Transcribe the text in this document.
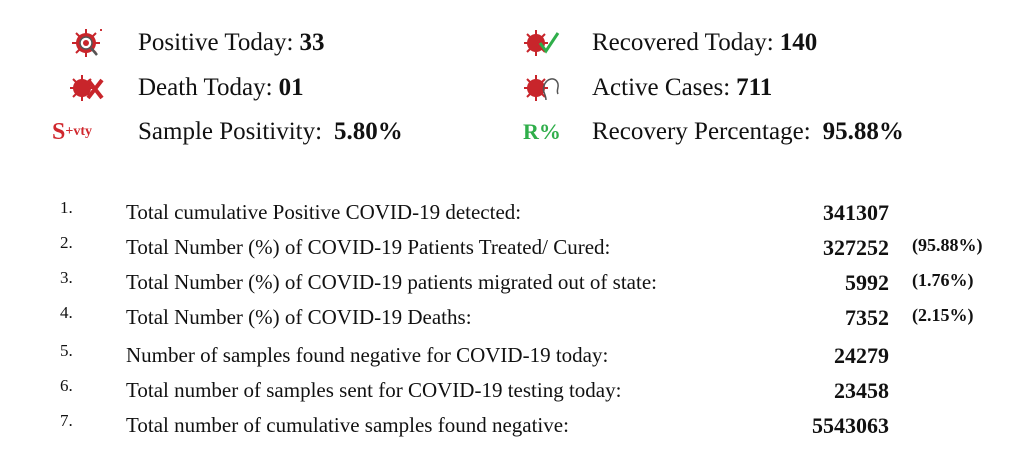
Positive Today: 33	Recovered Today: 140
Death Today: 01	Active Cases: 711
S +vty Sample Positivity: 5.80%	R% Recovery Percentage: 95.88%
1.	Total cumulative Positive COVID-19 detected:	341307
2.	Total Number (%) of COVID-19 Patients Treated/ Cured:	327252 (95.88%)
3.	Total Number (%) of COVID-19 patients migrated out of state:	5992 (1.76%)
4.	Total Number (%) of COVID-19 Deaths:	7352 (2.15%)
5.	Number of samples found negative for COVID-19 today:	24279
6.	Total number of samples sent for COVID-19 testing today:	23458
7.	Total number of cumulative samples found negative:	5543063
